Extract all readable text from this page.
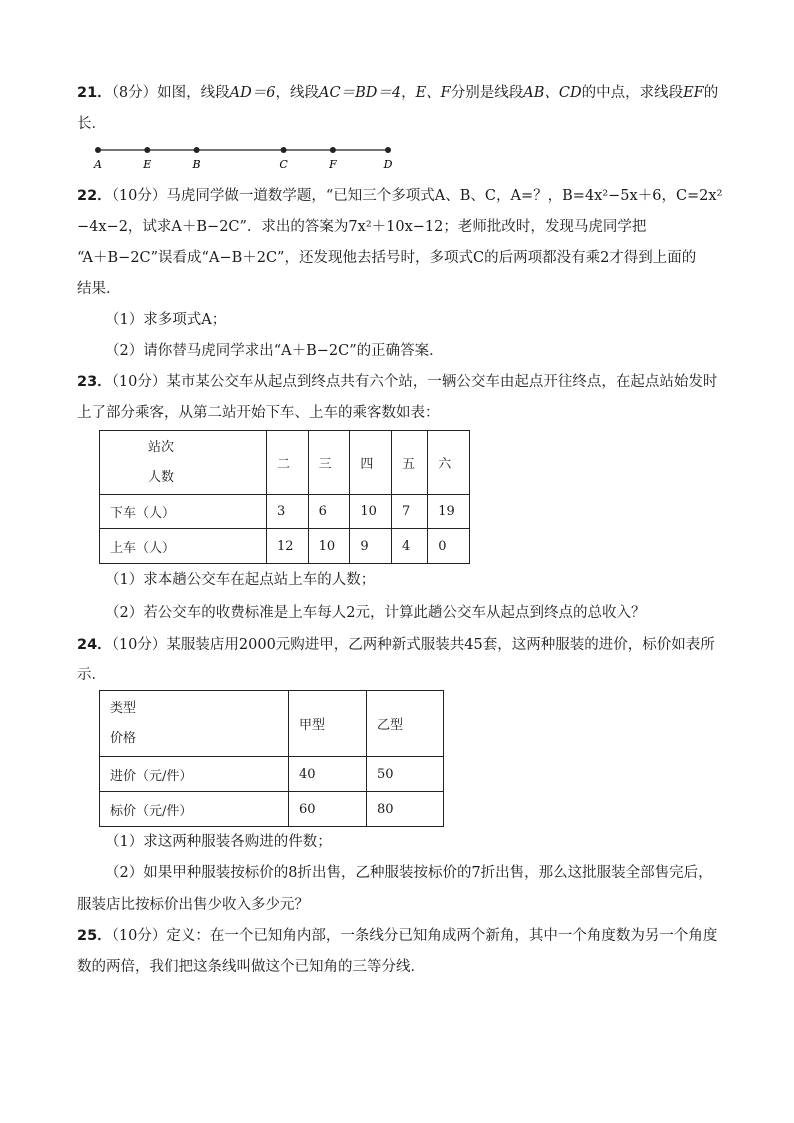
21．（8分）如图，线段AD＝6，线段AC＝BD＝4，E、F分别是线段AB、CD的中点，求线段EF的
长．
A	E	B	C	F	D
22．（10分）马虎同学做一道数学题，“已知三个多项式A、B、C，A=？，B=4x²−5x＋6，C=2x²
−4x−2，试求A＋B−2C”．求出的答案为7x²＋10x−12；老师批改时，发现马虎同学把
“A＋B−2C”误看成“A−B＋2C”，还发现他去括号时，多项式C的后两项都没有乘2才得到上面的
结果．
（1）求多项式A；
（2）请你替马虎同学求出“A＋B−2C”的正确答案．
23．（10分）某市某公交车从起点到终点共有六个站，一辆公交车由起点开往终点，在起点站始发时
上了部分乘客，从第二站开始下车、上车的乘客数如表：
站次
人数	二	三	四	五	六
下车（人）	3	6	10	7	19
上车（人）	12	10	9	4	0
（1）求本趟公交车在起点站上车的人数；
（2）若公交车的收费标准是上车每人2元，计算此趟公交车从起点到终点的总收入？
24．（10分）某服装店用2000元购进甲，乙两种新式服装共45套，这两种服装的进价，标价如表所
示．
类型
价格	甲型	乙型
进价（元/件）	40	50
标价（元/件）	60	80
（1）求这两种服装各购进的件数；
（2）如果甲种服装按标价的8折出售，乙种服装按标价的7折出售，那么这批服装全部售完后，
服装店比按标价出售少收入多少元？
25．（10分）定义：在一个已知角内部，一条线分已知角成两个新角，其中一个角度数为另一个角度
数的两倍，我们把这条线叫做这个已知角的三等分线．
